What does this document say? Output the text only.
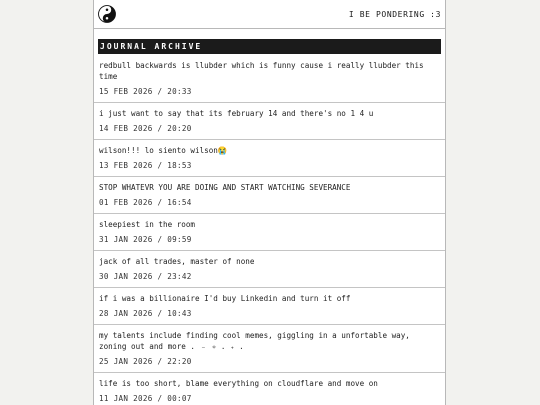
I BE PONDERING :3
JOURNAL ARCHIVE
redbull backwards is llubder which is funny cause i really llubder this time
15 FEB 2026 / 20:33
i just want to say that its february 14 and there's no 1 4 u
14 FEB 2026 / 20:20
wilson!!! lo siento wilson😭
13 FEB 2026 / 18:53
STOP WHATEVR YOU ARE DOING AND START WATCHING SEVERANCE
01 FEB 2026 / 16:54
sleepiest in the room
31 JAN 2026 / 09:59
jack of all trades, master of none
30 JAN 2026 / 23:42
if i was a billionaire I'd buy Linkedin and turn it off
28 JAN 2026 / 10:43
my talents include finding cool memes, giggling in a unfortable way, zoning out and more . ﹣ ✧ . ₊ .
25 JAN 2026 / 22:20
life is too short, blame everything on cloudflare and move on
11 JAN 2026 / 00:07
